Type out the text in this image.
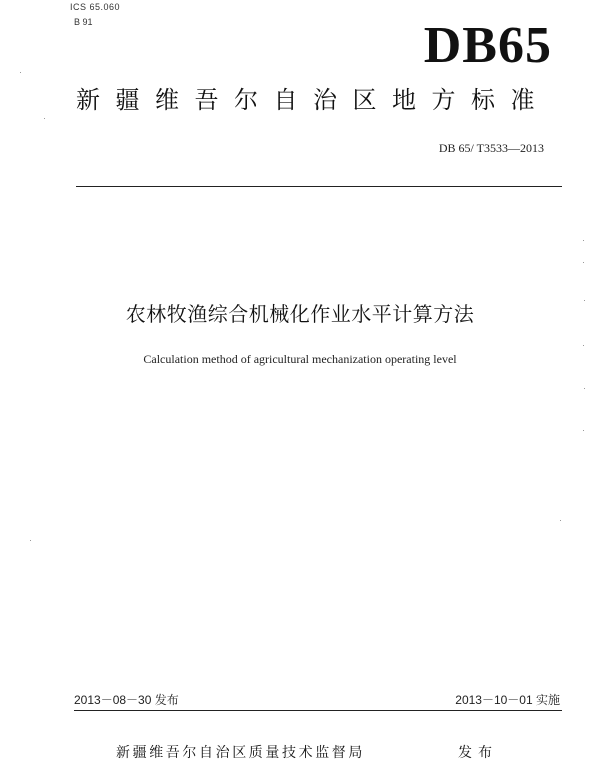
ICS 65.060
B 91	DB65
新疆维吾尔自治区地方标准
DB 65/ T3533—2013
农林牧渔综合机械化作业水平计算方法
Calculation method of agricultural mechanization operating level
2013－08－30 发布	2013－10－01 实施
新疆维吾尔自治区质量技术监督局	发布
